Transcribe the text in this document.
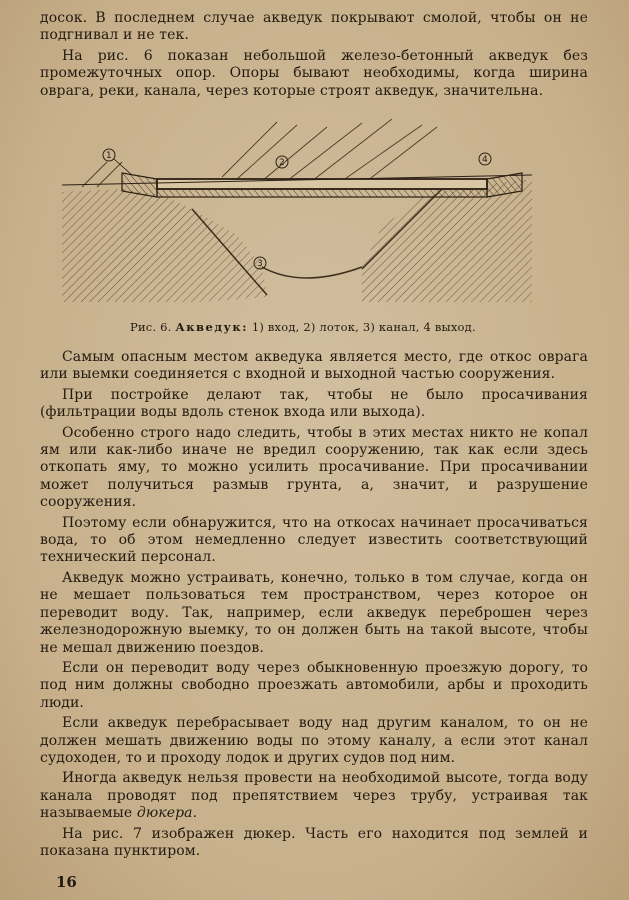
досок. В последнем случае акведук покрывают смолой, чтобы он не подгнивал и не тек.

На рис. 6 показан небольшой железо-бетонный акведук без промежуточных опор. Опоры бывают необходимы, когда ширина оврага, реки, канала, через которые строят акведук, значительна.

1
2
3
4
Рис. 6. Акведук: 1) вход, 2) лоток, 3) канал, 4 выход.

Самым опасным местом акведука является место, где откос оврага или выемки соединяется с входной и выходной частью сооружения.

При постройке делают так, чтобы не было просачивания (фильтрации воды вдоль стенок входа или выхода).

Особенно строго надо следить, чтобы в этих местах никто не копал ям или как-либо иначе не вредил сооружению, так как если здесь откопать яму, то можно усилить просачивание. При просачивании может получиться размыв грунта, а, значит, и разрушение сооружения.

Поэтому если обнаружится, что на откосах начинает просачиваться вода, то об этом немедленно следует известить соответствующий технический персонал.

Акведук можно устраивать, конечно, только в том случае, когда он не мешает пользоваться тем пространством, через которое он переводит воду. Так, например, если акведук переброшен через железнодорожную выемку, то он должен быть на такой высоте, чтобы не мешал движению поездов.

Если он переводит воду через обыкновенную проезжую дорогу, то под ним должны свободно проезжать автомобили, арбы и проходить люди.

Если акведук перебрасывает воду над другим каналом, то он не должен мешать движению воды по этому каналу, а если этот канал судоходен, то и проходу лодок и других судов под ним.

Иногда акведук нельзя провести на необходимой высоте, тогда воду канала проводят под препятствием через трубу, устраивая так называемые дюкера.

На рис. 7 изображен дюкер. Часть его находится под землей и показана пунктиром.

16
